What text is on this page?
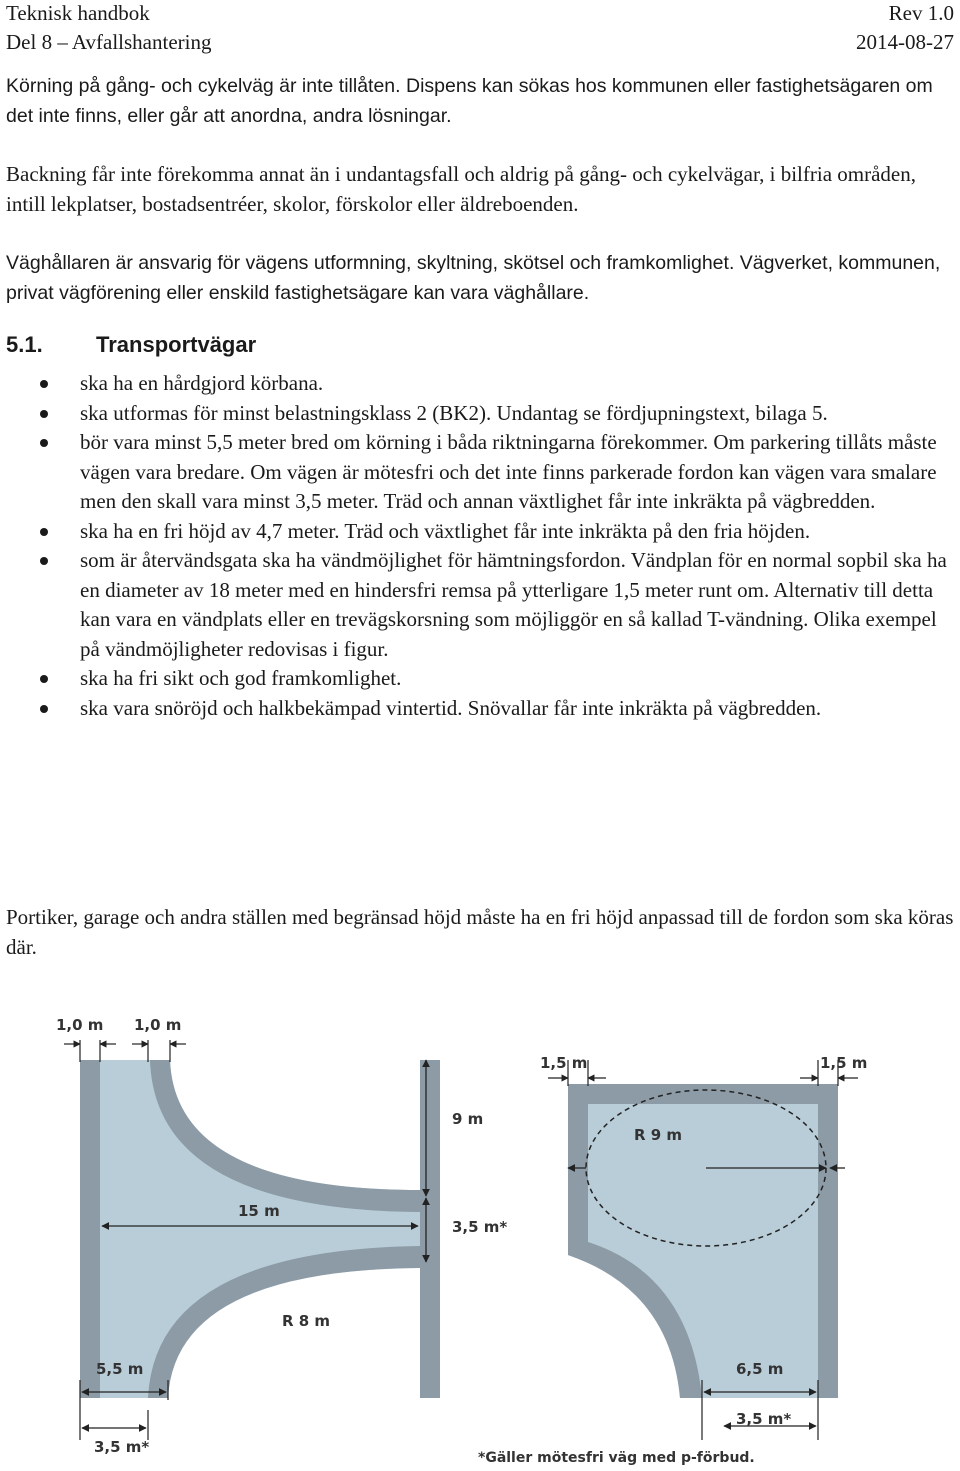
Teknisk handbok	Rev 1.0
Del 8 – Avfallshantering	2014-08-27

Körning på gång- och cykelväg är inte tillåten. Dispens kan sökas hos kommunen eller fastighetsägaren om det inte finns, eller går att anordna, andra lösningar.

Backning får inte förekomma annat än i undantagsfall och aldrig på gång- och cykelvägar, i bilfria områden, intill lekplatser, bostadsentréer, skolor, förskolor eller äldreboenden.

Väghållaren är ansvarig för vägens utformning, skyltning, skötsel och framkomlighet. Vägverket, kommunen, privat vägförening eller enskild fastighetsägare kan vara väghållare.

5.1. Transportvägar
ska ha en hårdgjord körbana.
ska utformas för minst belastningsklass 2 (BK2). Undantag se fördjupningstext, bilaga 5.
bör vara minst 5,5 meter bred om körning i båda riktningarna förekommer. Om parkering tillåts måste vägen vara bredare. Om vägen är mötesfri och det inte finns parkerade fordon kan vägen vara smalare men den skall vara minst 3,5 meter. Träd och annan växtlighet får inte inkräkta på vägbredden.
ska ha en fri höjd av 4,7 meter. Träd och växtlighet får inte inkräkta på den fria höjden.
som är återvändsgata ska ha vändmöjlighet för hämtningsfordon. Vändplan för en normal sopbil ska ha en diameter av 18 meter med en hindersfri remsa på ytterligare 1,5 meter runt om. Alternativ till detta kan vara en vändplats eller en trevägskorsning som möjliggör en så kallad T-vändning. Olika exempel på vändmöjligheter redovisas i figur.
ska ha fri sikt och god framkomlighet.
ska vara snöröjd och halkbekämpad vintertid. Snövallar får inte inkräkta på vägbredden.

Portiker, garage och andra ställen med begränsad höjd måste ha en fri höjd anpassad till de fordon som ska köras där.

1,0 m 1,0 m
9 m
3,5 m*
15 m
R 8 m
5,5 m
3,5 m*
R 9 m
1,5 m	1,5 m
6,5 m
3,5 m*
*Gäller mötesfri väg med p-förbud.
